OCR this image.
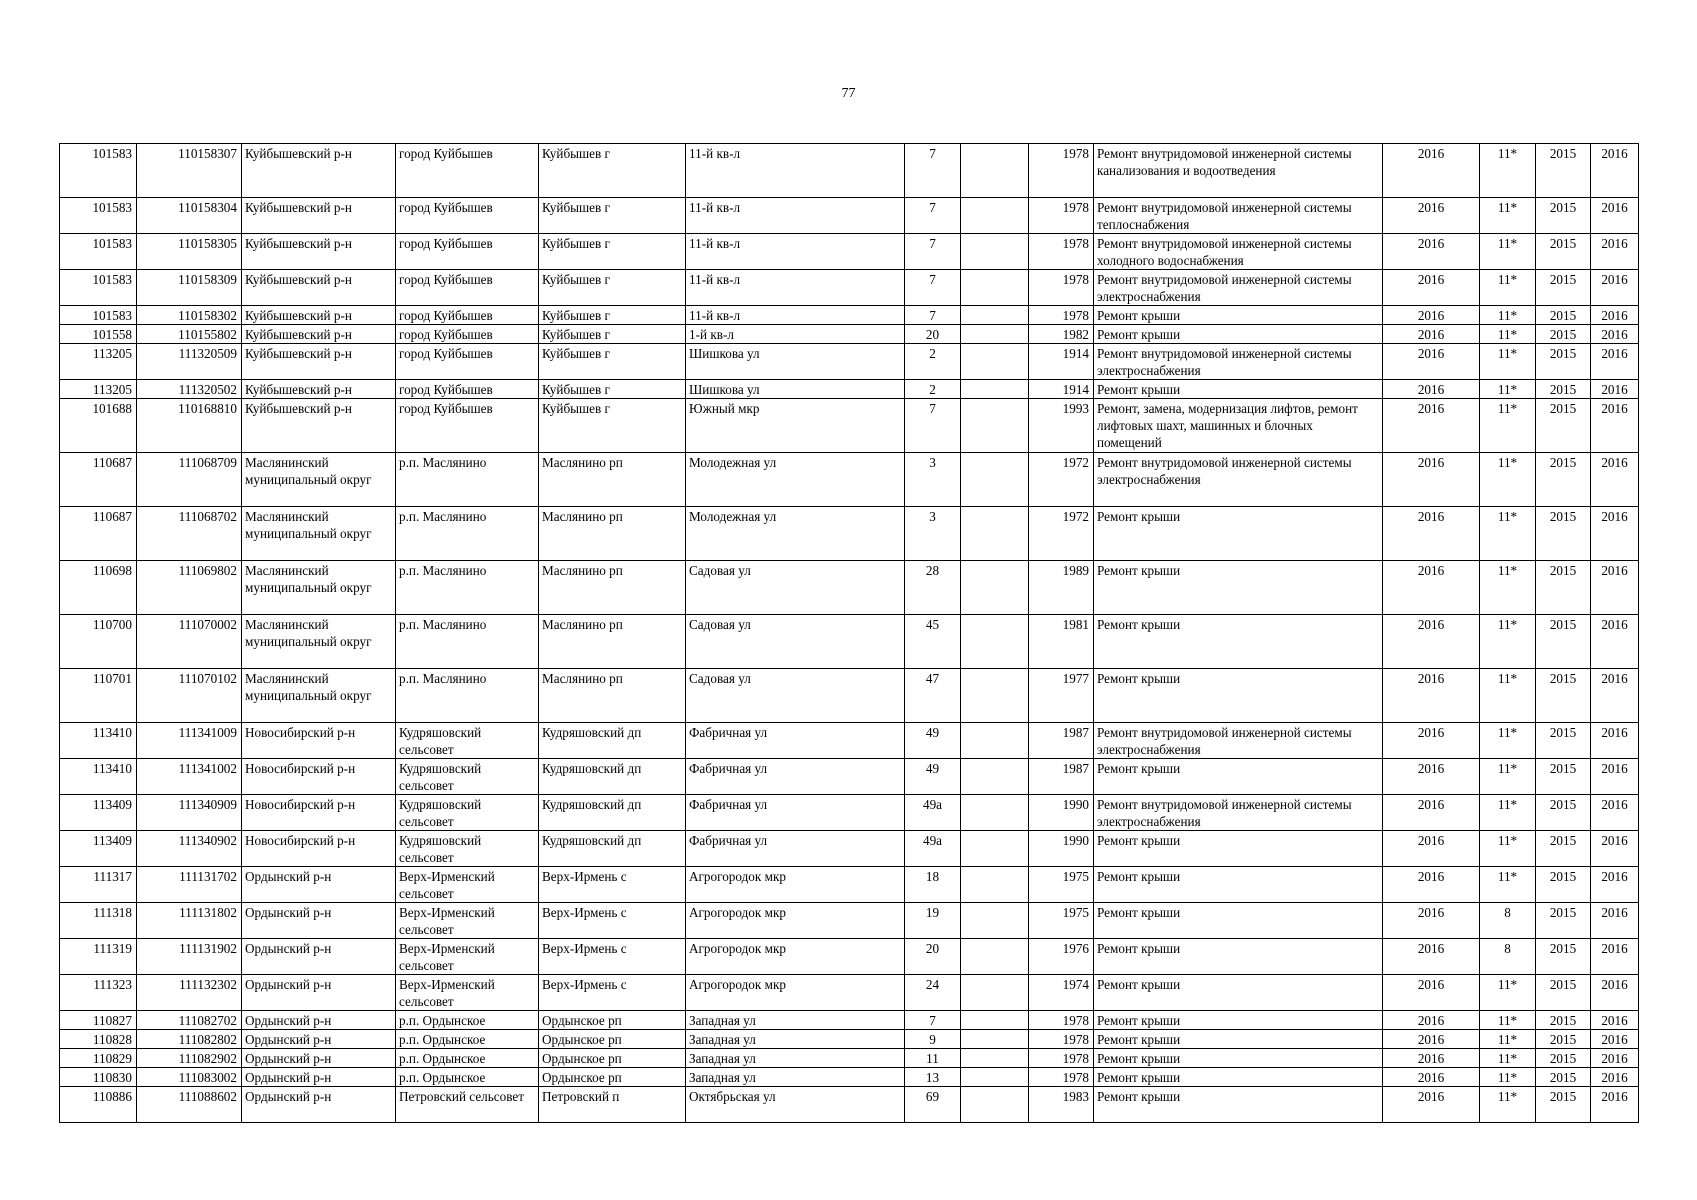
77
101583	110158307	Куйбышевский р-н	город Куйбышев	Куйбышев г	11-й кв-л	7		1978	Ремонт внутридомовой инженерной системы канализования и водоотведения	2016	11*	2015	2016
101583	110158304	Куйбышевский р-н	город Куйбышев	Куйбышев г	11-й кв-л	7		1978	Ремонт внутридомовой инженерной системы теплоснабжения	2016	11*	2015	2016
101583	110158305	Куйбышевский р-н	город Куйбышев	Куйбышев г	11-й кв-л	7		1978	Ремонт внутридомовой инженерной системы холодного водоснабжения	2016	11*	2015	2016
101583	110158309	Куйбышевский р-н	город Куйбышев	Куйбышев г	11-й кв-л	7		1978	Ремонт внутридомовой инженерной системы электроснабжения	2016	11*	2015	2016
101583	110158302	Куйбышевский р-н	город Куйбышев	Куйбышев г	11-й кв-л	7		1978	Ремонт крыши	2016	11*	2015	2016
101558	110155802	Куйбышевский р-н	город Куйбышев	Куйбышев г	1-й кв-л	20		1982	Ремонт крыши	2016	11*	2015	2016
113205	111320509	Куйбышевский р-н	город Куйбышев	Куйбышев г	Шишкова ул	2		1914	Ремонт внутридомовой инженерной системы электроснабжения	2016	11*	2015	2016
113205	111320502	Куйбышевский р-н	город Куйбышев	Куйбышев г	Шишкова ул	2		1914	Ремонт крыши	2016	11*	2015	2016
101688	110168810	Куйбышевский р-н	город Куйбышев	Куйбышев г	Южный мкр	7		1993	Ремонт, замена, модернизация лифтов, ремонт лифтовых шахт, машинных и блочных помещений	2016	11*	2015	2016
110687	111068709	Маслянинский муниципальный округ	р.п. Маслянино	Маслянино рп	Молодежная ул	3		1972	Ремонт внутридомовой инженерной системы электроснабжения	2016	11*	2015	2016
110687	111068702	Маслянинский муниципальный округ	р.п. Маслянино	Маслянино рп	Молодежная ул	3		1972	Ремонт крыши	2016	11*	2015	2016
110698	111069802	Маслянинский муниципальный округ	р.п. Маслянино	Маслянино рп	Садовая ул	28		1989	Ремонт крыши	2016	11*	2015	2016
110700	111070002	Маслянинский муниципальный округ	р.п. Маслянино	Маслянино рп	Садовая ул	45		1981	Ремонт крыши	2016	11*	2015	2016
110701	111070102	Маслянинский муниципальный округ	р.п. Маслянино	Маслянино рп	Садовая ул	47		1977	Ремонт крыши	2016	11*	2015	2016
113410	111341009	Новосибирский р-н	Кудряшовский сельсовет	Кудряшовский дп	Фабричная ул	49		1987	Ремонт внутридомовой инженерной системы электроснабжения	2016	11*	2015	2016
113410	111341002	Новосибирский р-н	Кудряшовский сельсовет	Кудряшовский дп	Фабричная ул	49		1987	Ремонт крыши	2016	11*	2015	2016
113409	111340909	Новосибирский р-н	Кудряшовский сельсовет	Кудряшовский дп	Фабричная ул	49а		1990	Ремонт внутридомовой инженерной системы электроснабжения	2016	11*	2015	2016
113409	111340902	Новосибирский р-н	Кудряшовский сельсовет	Кудряшовский дп	Фабричная ул	49а		1990	Ремонт крыши	2016	11*	2015	2016
111317	111131702	Ордынский р-н	Верх-Ирменский сельсовет	Верх-Ирмень с	Агрогородок мкр	18		1975	Ремонт крыши	2016	11*	2015	2016
111318	111131802	Ордынский р-н	Верх-Ирменский сельсовет	Верх-Ирмень с	Агрогородок мкр	19		1975	Ремонт крыши	2016	8	2015	2016
111319	111131902	Ордынский р-н	Верх-Ирменский сельсовет	Верх-Ирмень с	Агрогородок мкр	20		1976	Ремонт крыши	2016	8	2015	2016
111323	111132302	Ордынский р-н	Верх-Ирменский сельсовет	Верх-Ирмень с	Агрогородок мкр	24		1974	Ремонт крыши	2016	11*	2015	2016
110827	111082702	Ордынский р-н	р.п. Ордынское	Ордынское рп	Западная ул	7		1978	Ремонт крыши	2016	11*	2015	2016
110828	111082802	Ордынский р-н	р.п. Ордынское	Ордынское рп	Западная ул	9		1978	Ремонт крыши	2016	11*	2015	2016
110829	111082902	Ордынский р-н	р.п. Ордынское	Ордынское рп	Западная ул	11		1978	Ремонт крыши	2016	11*	2015	2016
110830	111083002	Ордынский р-н	р.п. Ордынское	Ордынское рп	Западная ул	13		1978	Ремонт крыши	2016	11*	2015	2016
110886	111088602	Ордынский р-н	Петровский сельсовет	Петровский п	Октябрьская ул	69		1983	Ремонт крыши	2016	11*	2015	2016
